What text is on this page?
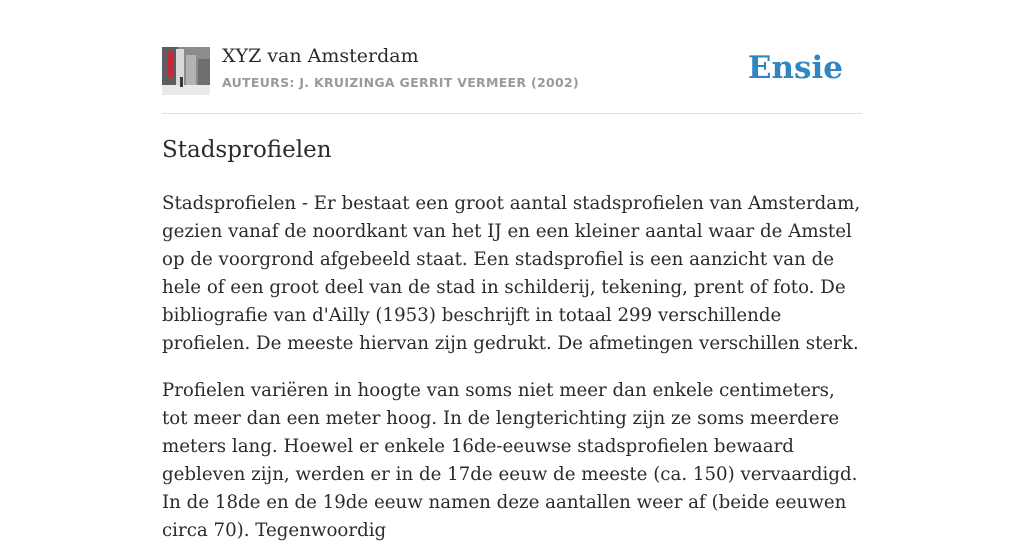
XYZ van Amsterdam
AUTEURS: J. KRUIZINGA GERRIT VERMEER (2002)	Ensie
Stadsprofielen

Stadsprofielen - Er bestaat een groot aantal stadsprofielen van Amsterdam, gezien vanaf de noordkant van het IJ en een kleiner aantal waar de Amstel op de voorgrond afgebeeld staat. Een stadsprofiel is een aanzicht van de hele of een groot deel van de stad in schilderij, tekening, prent of foto. De bibliografie van d'Ailly (1953) beschrijft in totaal 299 verschillende profielen. De meeste hiervan zijn gedrukt. De afmetingen verschillen sterk.

Profielen variëren in hoogte van soms niet meer dan enkele centimeters, tot meer dan een meter hoog. In de lengterichting zijn ze soms meerdere meters lang. Hoewel er enkele 16de-eeuwse stadsprofielen bewaard gebleven zijn, werden er in de 17de eeuw de meeste (ca. 150) vervaardigd. In de 18de en de 19de eeuw namen deze aantallen weer af (beide eeuwen circa 70). Tegenwoordig
